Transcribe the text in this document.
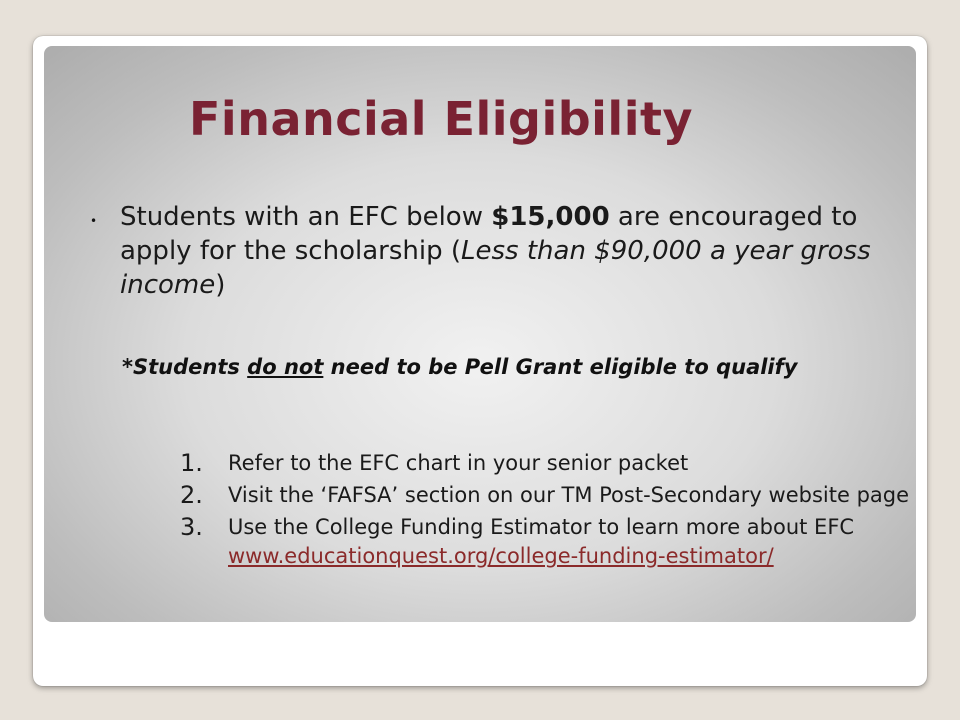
Financial Eligibility
• Students with an EFC below $15,000 are encouraged to apply for the scholarship (Less than $90,000 a year gross income)
*Students do not need to be Pell Grant eligible to qualify
1. Refer to the EFC chart in your senior packet
2. Visit the ‘FAFSA’ section on our TM Post-Secondary website page
3. Use the College Funding Estimator to learn more about EFC www.educationquest.org/college-funding-estimator/
